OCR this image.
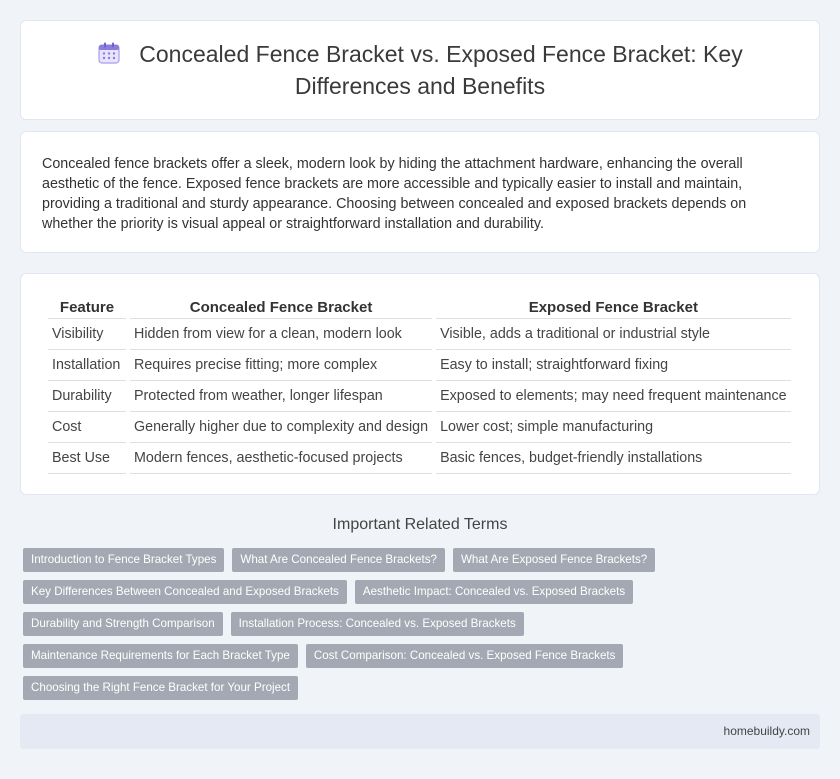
Concealed Fence Bracket vs. Exposed Fence Bracket: Key Differences and Benefits

Concealed fence brackets offer a sleek, modern look by hiding the attachment hardware, enhancing the overall aesthetic of the fence. Exposed fence brackets are more accessible and typically easier to install and maintain, providing a traditional and sturdy appearance. Choosing between concealed and exposed brackets depends on whether the priority is visual appeal or straightforward installation and durability.

Feature	Concealed Fence Bracket	Exposed Fence Bracket
Visibility	Hidden from view for a clean, modern look	Visible, adds a traditional or industrial style
Installation	Requires precise fitting; more complex	Easy to install; straightforward fixing
Durability	Protected from weather, longer lifespan	Exposed to elements; may need frequent maintenance
Cost	Generally higher due to complexity and design	Lower cost; simple manufacturing
Best Use	Modern fences, aesthetic-focused projects	Basic fences, budget-friendly installations
Important Related Terms
Introduction to Fence Bracket Types	What Are Concealed Fence Brackets?	What Are Exposed Fence Brackets?
Key Differences Between Concealed and Exposed Brackets	Aesthetic Impact: Concealed vs. Exposed Brackets
Durability and Strength Comparison	Installation Process: Concealed vs. Exposed Brackets
Maintenance Requirements for Each Bracket Type	Cost Comparison: Concealed vs. Exposed Fence Brackets
Choosing the Right Fence Bracket for Your Project
homebuildy.com
